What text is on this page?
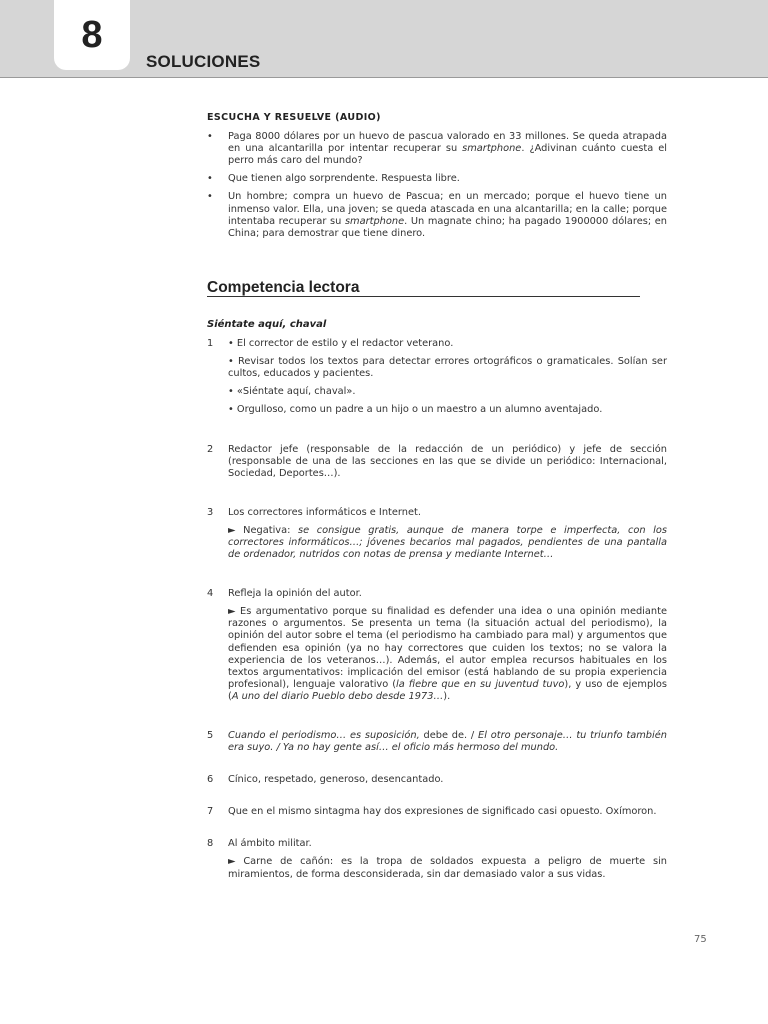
8
SOLUCIONES
ESCUCHA Y RESUELVE (AUDIO)
• Paga 8000 dólares por un huevo de pascua valorado en 33 millones. Se queda atrapada en una alcantarilla por intentar recuperar su smartphone. ¿Adivinan cuánto cuesta el perro más caro del mundo?
• Que tienen algo sorprendente. Respuesta libre.
• Un hombre; compra un huevo de Pascua; en un mercado; porque el huevo tiene un inmenso valor. Ella, una joven; se queda atascada en una alcantarilla; en la calle; porque intentaba recuperar su smartphone. Un magnate chino; ha pagado 1900000 dólares; en China; para demostrar que tiene dinero.
Competencia lectora
Siéntate aquí, chaval
1 • El corrector de estilo y el redactor veterano.

• Revisar todos los textos para detectar errores ortográficos o gramaticales. Solían ser cultos, educados y pacientes.

• «Siéntate aquí, chaval».

• Orgulloso, como un padre a un hijo o un maestro a un alumno aventajado.

2 Redactor jefe (responsable de la redacción de un periódico) y jefe de sección (responsable de una de las secciones en las que se divide un periódico: Internacional, Sociedad, Deportes…).

3 Los correctores informáticos e Internet.

► Negativa: se consigue gratis, aunque de manera torpe e imperfecta, con los correctores informáticos…; jóvenes becarios mal pagados, pendientes de una pantalla de ordenador, nutridos con notas de prensa y mediante Internet…

4 Refleja la opinión del autor.

► Es argumentativo porque su finalidad es defender una idea o una opinión mediante razones o argumentos. Se presenta un tema (la situación actual del periodismo), la opinión del autor sobre el tema (el periodismo ha cambiado para mal) y argumentos que defienden esa opinión (ya no hay correctores que cuiden los textos; no se valora la experiencia de los veteranos…). Además, el autor emplea recursos habituales en los textos argumentativos: implicación del emisor (está hablando de su propia experiencia profesional), lenguaje valorativo (la fiebre que en su juventud tuvo), y uso de ejemplos (A uno del diario Pueblo debo desde 1973…).

5 Cuando el periodismo… es suposición, debe de. / El otro personaje… tu triunfo también era suyo. / Ya no hay gente así… el oficio más hermoso del mundo.

6 Cínico, respetado, generoso, desencantado.

7 Que en el mismo sintagma hay dos expresiones de significado casi opuesto. Oxímoron.

8 Al ámbito militar.

► Carne de cañón: es la tropa de soldados expuesta a peligro de muerte sin miramientos, de forma desconsiderada, sin dar demasiado valor a sus vidas.

75
